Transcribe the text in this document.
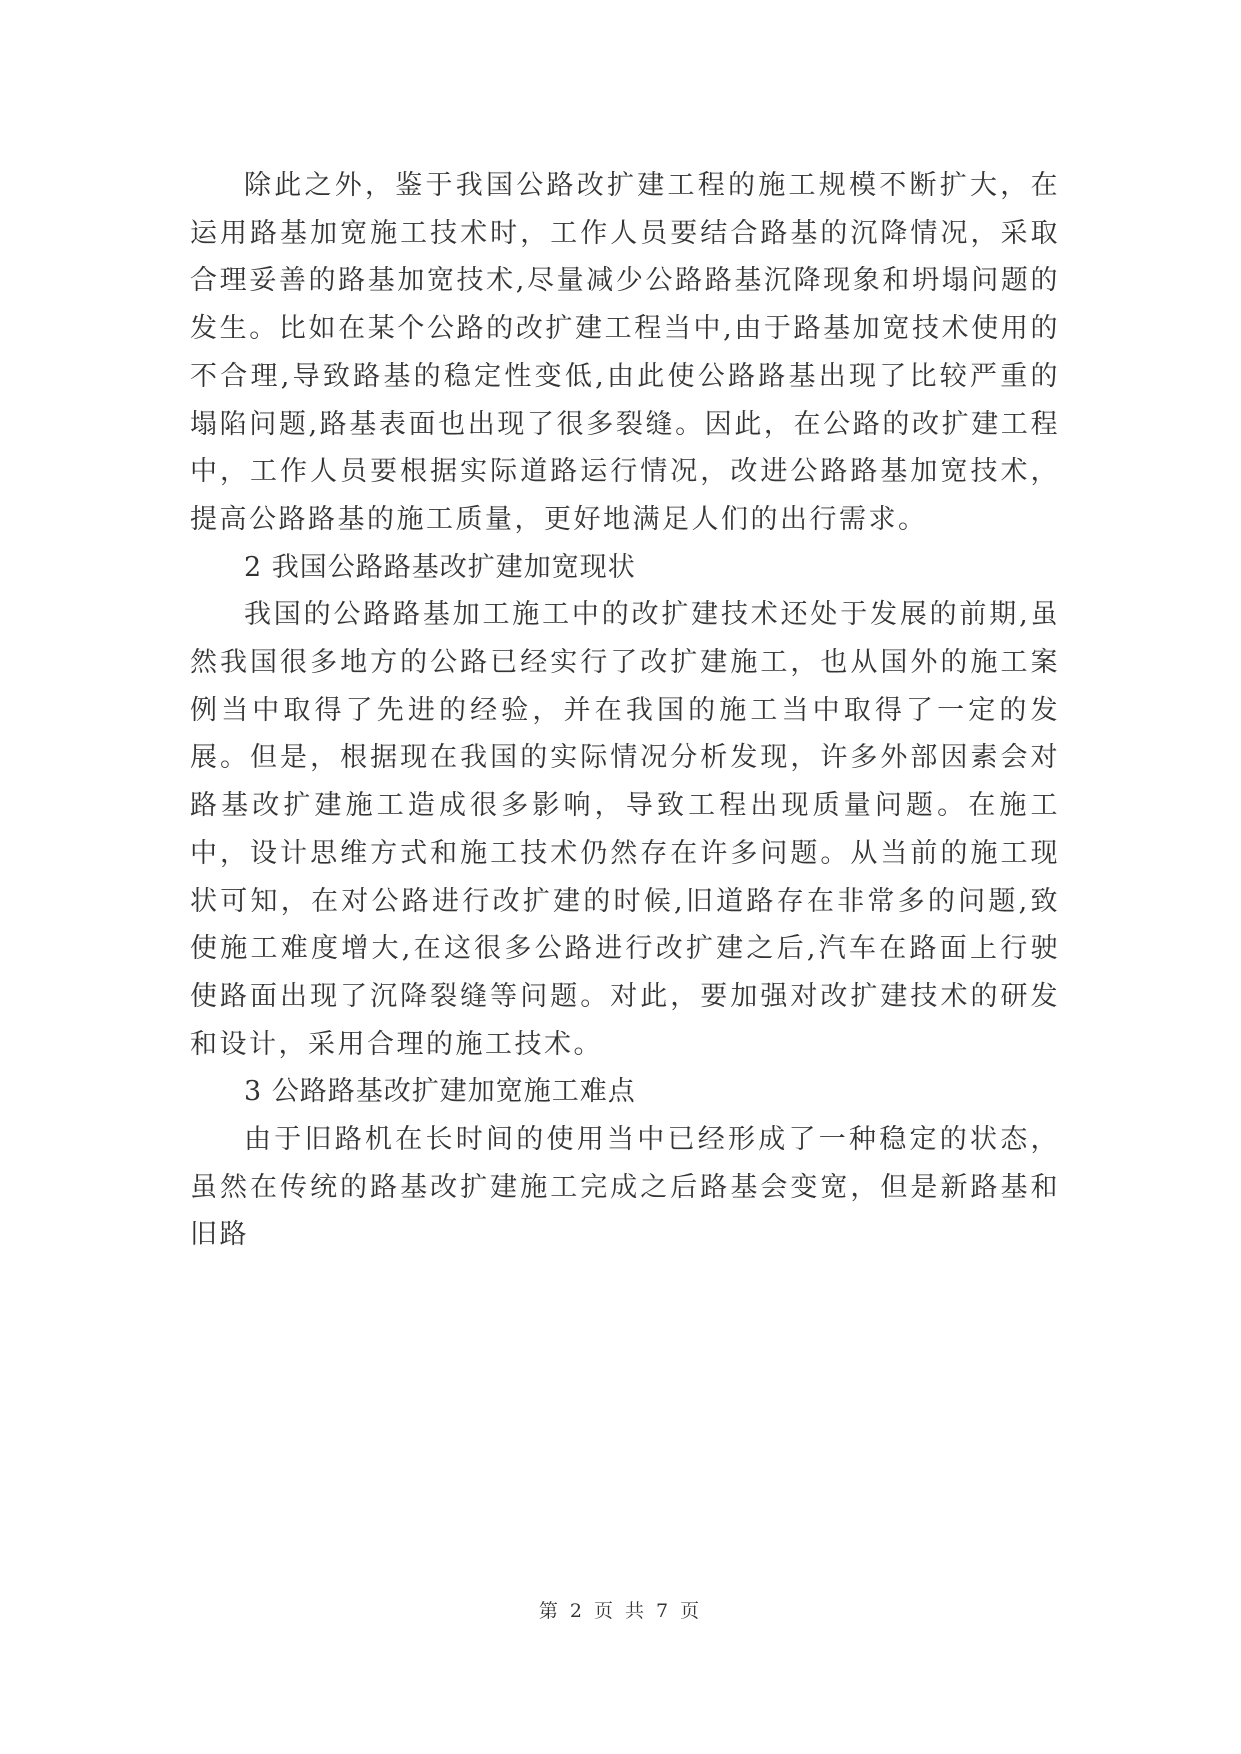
除此之外，鉴于我国公路改扩建工程的施工规模不断扩大，在运用路基加宽施工技术时，工作人员要结合路基的沉降情况，采取合理妥善的路基加宽技术,尽量减少公路路基沉降现象和坍塌问题的发生。比如在某个公路的改扩建工程当中,由于路基加宽技术使用的不合理,导致路基的稳定性变低,由此使公路路基出现了比较严重的塌陷问题,路基表面也出现了很多裂缝。因此，在公路的改扩建工程中，工作人员要根据实际道路运行情况，改进公路路基加宽技术，提高公路路基的施工质量，更好地满足人们的出行需求。

2 我国公路路基改扩建加宽现状

我国的公路路基加工施工中的改扩建技术还处于发展的前期,虽然我国很多地方的公路已经实行了改扩建施工，也从国外的施工案例当中取得了先进的经验，并在我国的施工当中取得了一定的发展。但是，根据现在我国的实际情况分析发现，许多外部因素会对路基改扩建施工造成很多影响，导致工程出现质量问题。在施工中，设计思维方式和施工技术仍然存在许多问题。从当前的施工现状可知，在对公路进行改扩建的时候,旧道路存在非常多的问题,致使施工难度增大,在这很多公路进行改扩建之后,汽车在路面上行驶使路面出现了沉降裂缝等问题。对此，要加强对改扩建技术的研发和设计，采用合理的施工技术。

3 公路路基改扩建加宽施工难点

由于旧路机在长时间的使用当中已经形成了一种稳定的状态，虽然在传统的路基改扩建施工完成之后路基会变宽，但是新路基和旧路

第 2 页 共 7 页
